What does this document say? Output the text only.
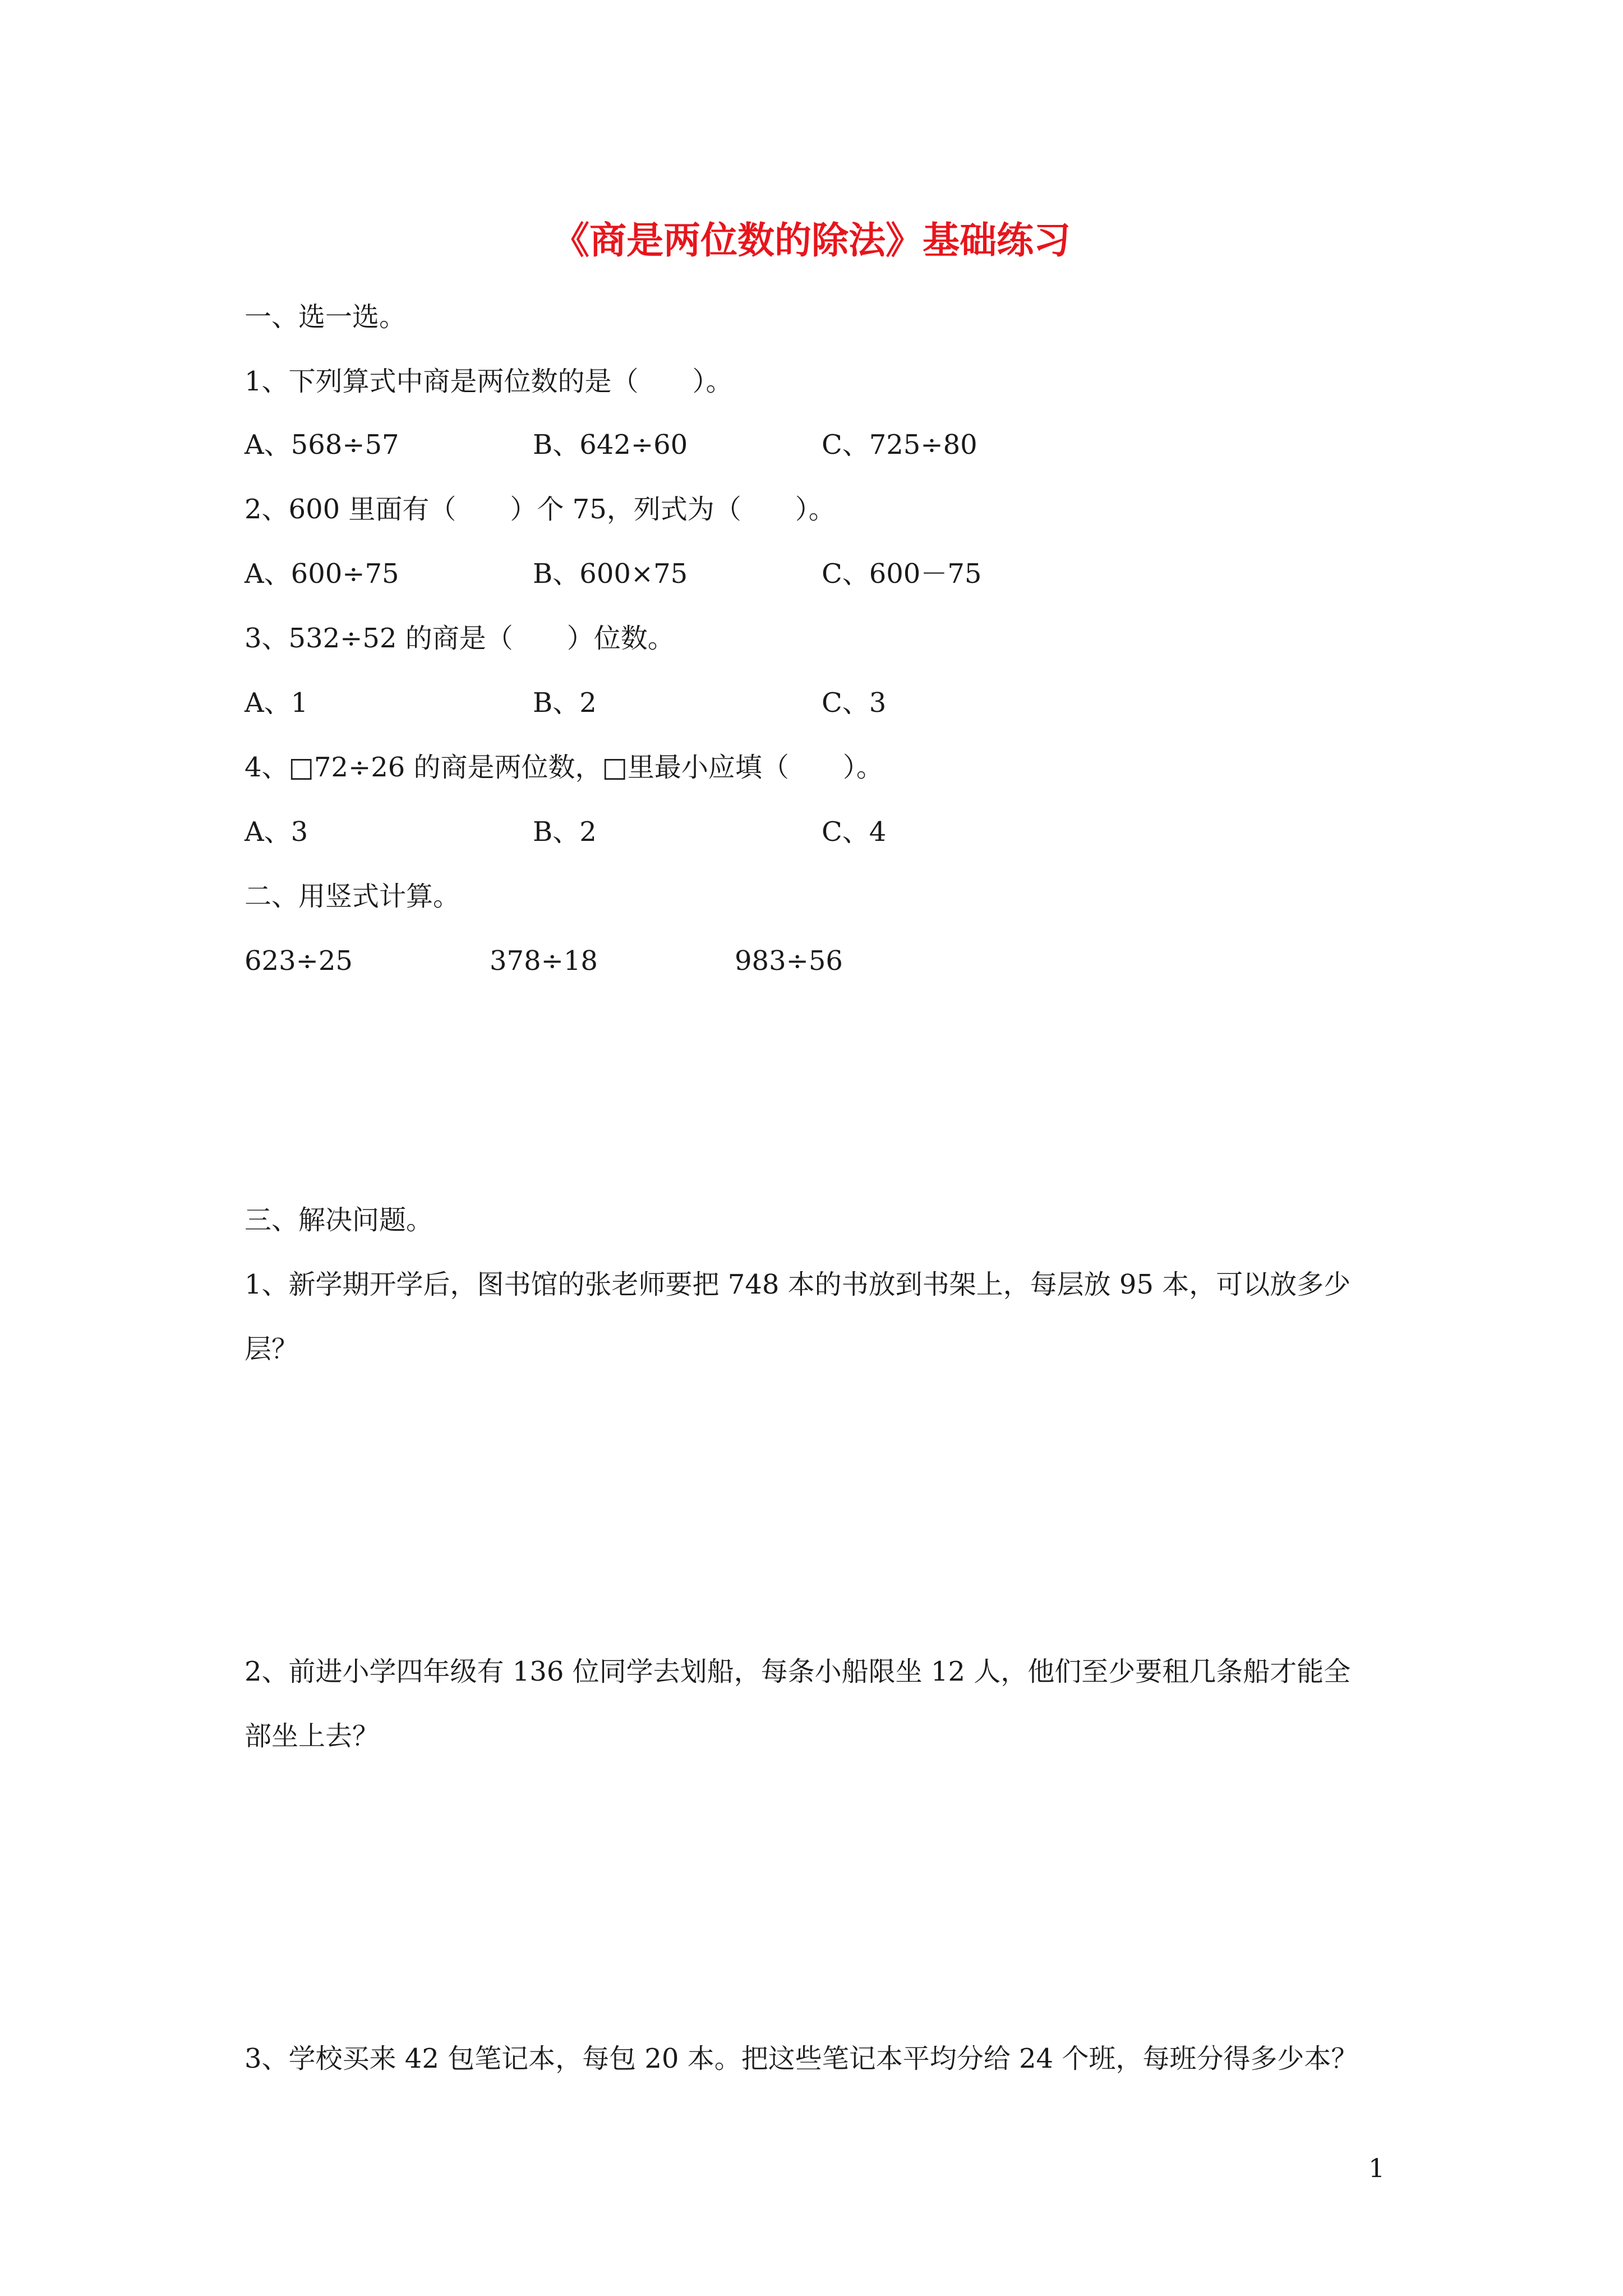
《商是两位数的除法》基础练习
一、选一选。
1、下列算式中商是两位数的是（　　）。
A、568÷57	B、642÷60	C、725÷80
2、600 里面有（　　）个 75，列式为（　　）。
A、600÷75	B、600×75	C、600－75
3、532÷52 的商是（　　）位数。
A、1	B、2	C、3
4、□72÷26 的商是两位数，□里最小应填（　　）。
A、3	B、2	C、4
二、用竖式计算。
623÷25	378÷18	983÷56
三、解决问题。
1、新学期开学后，图书馆的张老师要把 748 本的书放到书架上，每层放 95 本，可以放多少
层？
2、前进小学四年级有 136 位同学去划船，每条小船限坐 12 人，他们至少要租几条船才能全
部坐上去？
3、学校买来 42 包笔记本，每包 20 本。把这些笔记本平均分给 24 个班，每班分得多少本？
1
